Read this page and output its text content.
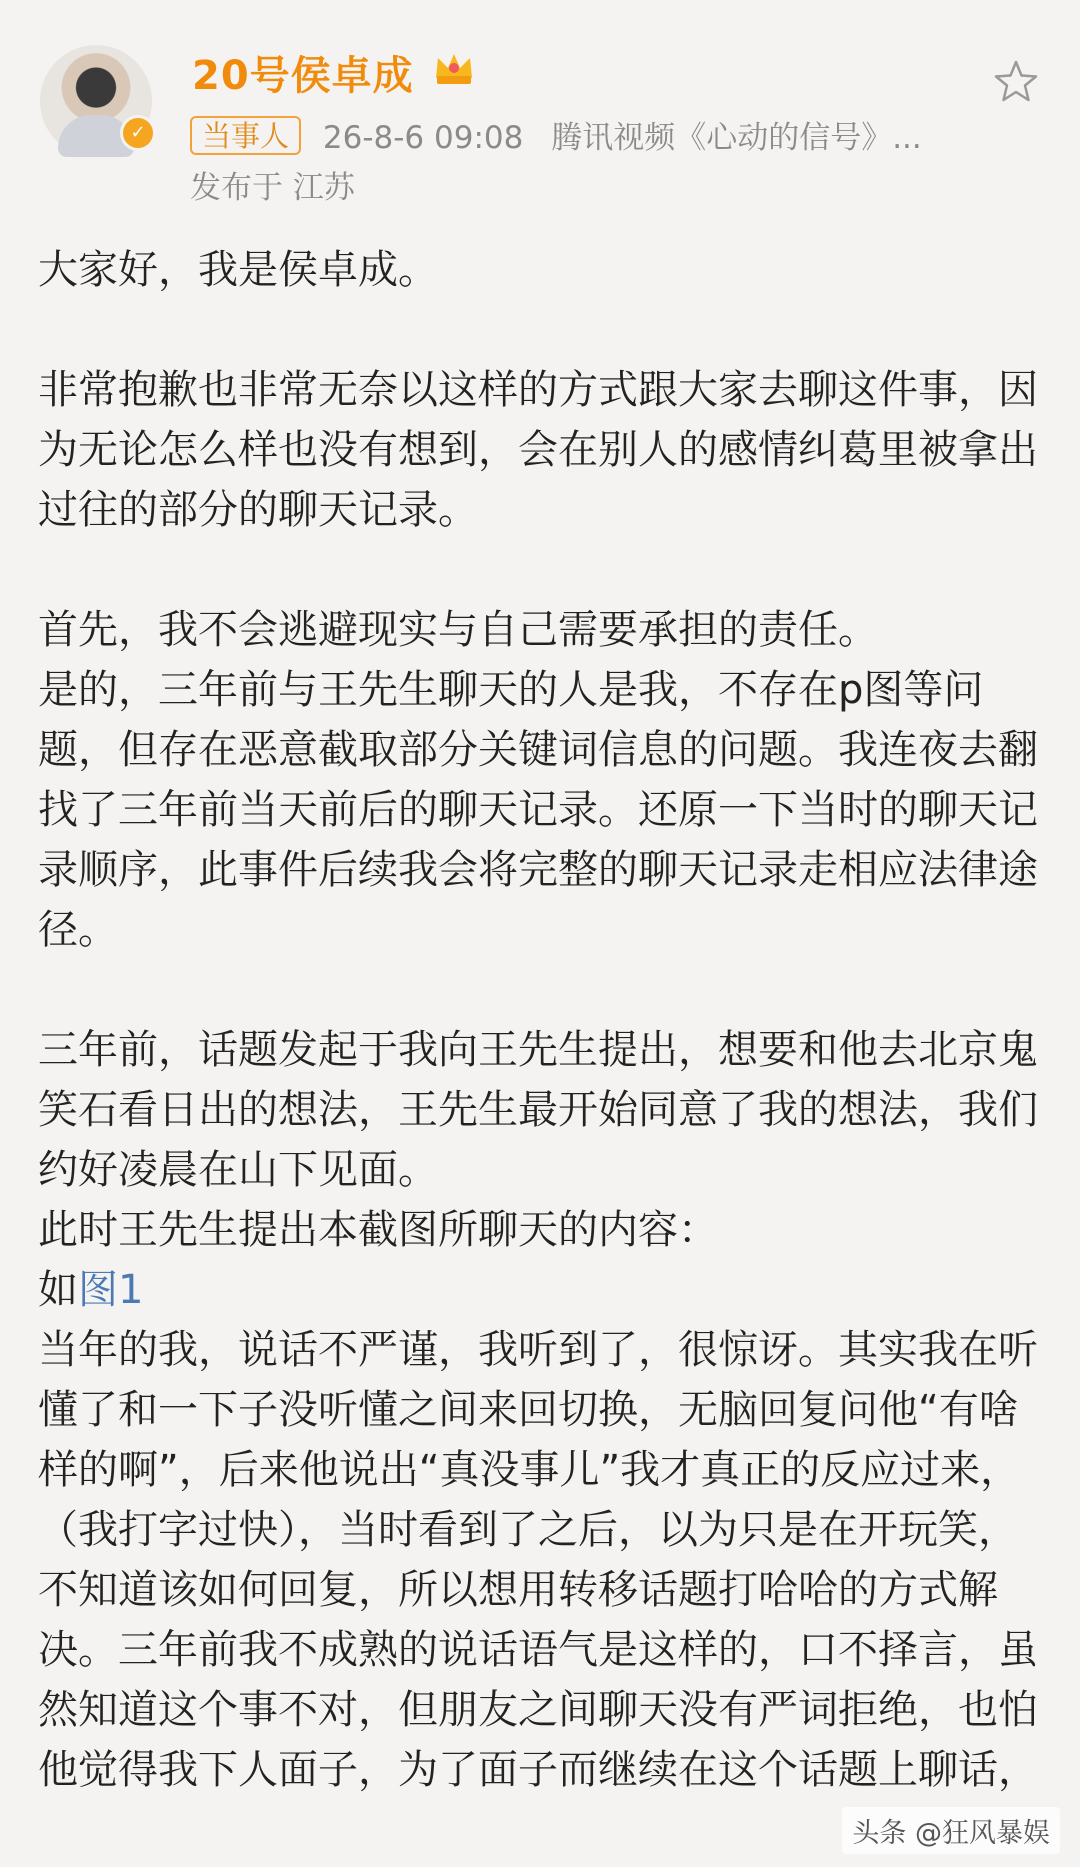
✓
20号侯卓成
当事人 26-8-6 09:08 腾讯视频《心动的信号》...
发布于 江苏

大家好，我是侯卓成。

非常抱歉也非常无奈以这样的方式跟大家去聊这件事，因为无论怎么样也没有想到，会在别人的感情纠葛里被拿出过往的部分的聊天记录。

首先，我不会逃避现实与自己需要承担的责任。

是的，三年前与王先生聊天的人是我，不存在p图等问题，但存在恶意截取部分关键词信息的问题。我连夜去翻找了三年前当天前后的聊天记录。还原一下当时的聊天记录顺序，此事件后续我会将完整的聊天记录走相应法律途径。

三年前，话题发起于我向王先生提出，想要和他去北京鬼笑石看日出的想法，王先生最开始同意了我的想法，我们约好凌晨在山下见面。

此时王先生提出本截图所聊天的内容：

如图1

当年的我，说话不严谨，我听到了，很惊讶。其实我在听懂了和一下子没听懂之间来回切换，无脑回复问他“有啥样的啊”，后来他说出“真没事儿”我才真正的反应过来，（我打字过快），当时看到了之后，以为只是在开玩笑，不知道该如何回复，所以想用转移话题打哈哈的方式解决。三年前我不成熟的说话语气是这样的，口不择言，虽然知道这个事不对，但朋友之间聊天没有严词拒绝，也怕他觉得我下人面子，为了面子而继续在这个话题上聊话，

头条 @狂风暴娱
